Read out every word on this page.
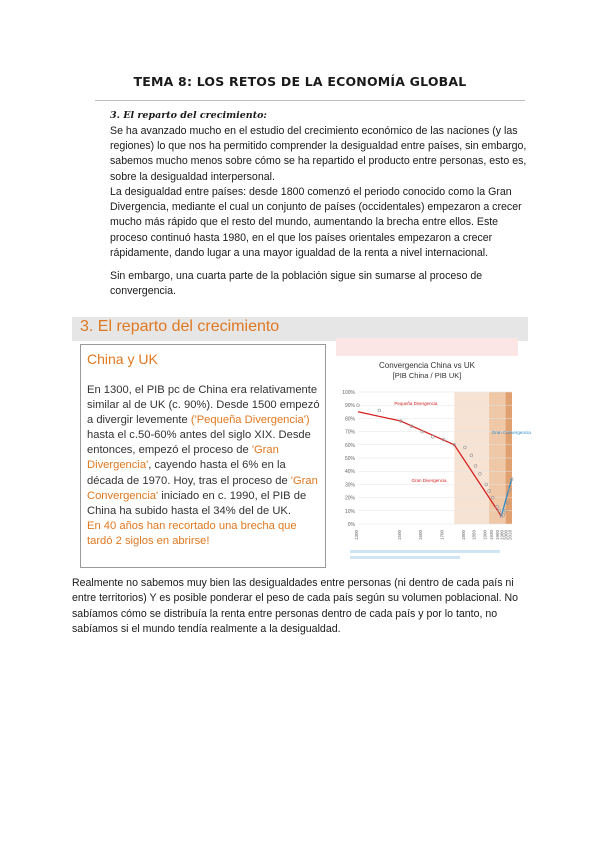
TEMA 8: LOS RETOS DE LA ECONOMÍA GLOBAL
3. El reparto del crecimiento:

Se ha avanzado mucho en el estudio del crecimiento económico de las naciones (y las regiones) lo que nos ha permitido comprender la desigualdad entre países, sin embargo, sabemos mucho menos sobre cómo se ha repartido el producto entre personas, esto es, sobre la desigualdad interpersonal.

La desigualdad entre países: desde 1800 comenzó el periodo conocido como la Gran Divergencia, mediante el cual un conjunto de países (occidentales) empezaron a crecer mucho más rápido que el resto del mundo, aumentando la brecha entre ellos. Este proceso continuó hasta 1980, en el que los países orientales empezaron a crecer rápidamente, dando lugar a una mayor igualdad de la renta a nivel internacional.

Sin embargo, una cuarta parte de la población sigue sin sumarse al proceso de convergencia.

3. El reparto del crecimiento
China y UK

En 1300, el PIB pc de China era relativamente similar al de UK (c. 90%). Desde 1500 empezó a divergir levemente ('Pequeña Divergencia') hasta el c.50-60% antes del siglo XIX. Desde entonces, empezó el proceso de 'Gran Divergencia', cayendo hasta el 6% en la década de 1970. Hoy, tras el proceso de 'Gran Convergencia' iniciado en c. 1990, el PIB de China ha subido hasta el 34% del de UK.
En 40 años han recortado una brecha que tardó 2 siglos en abrirse!

Convergencia China vs UK
[PIB China / PIB UK]
0%
10%
20%
30%
40%
50%
60%
70%
80%
90%
100%
1300	1500	1600	1700	1800 1850 1900 1930 1960 1980 2000
2018
Gran Divergencia
Pequeña Divergencia
Gran Convergencia

Realmente no sabemos muy bien las desigualdades entre personas (ni dentro de cada país ni entre territorios) Y es posible ponderar el peso de cada país según su volumen poblacional. No sabíamos cómo se distribuía la renta entre personas dentro de cada país y por lo tanto, no sabíamos si el mundo tendía realmente a la desigualdad.
